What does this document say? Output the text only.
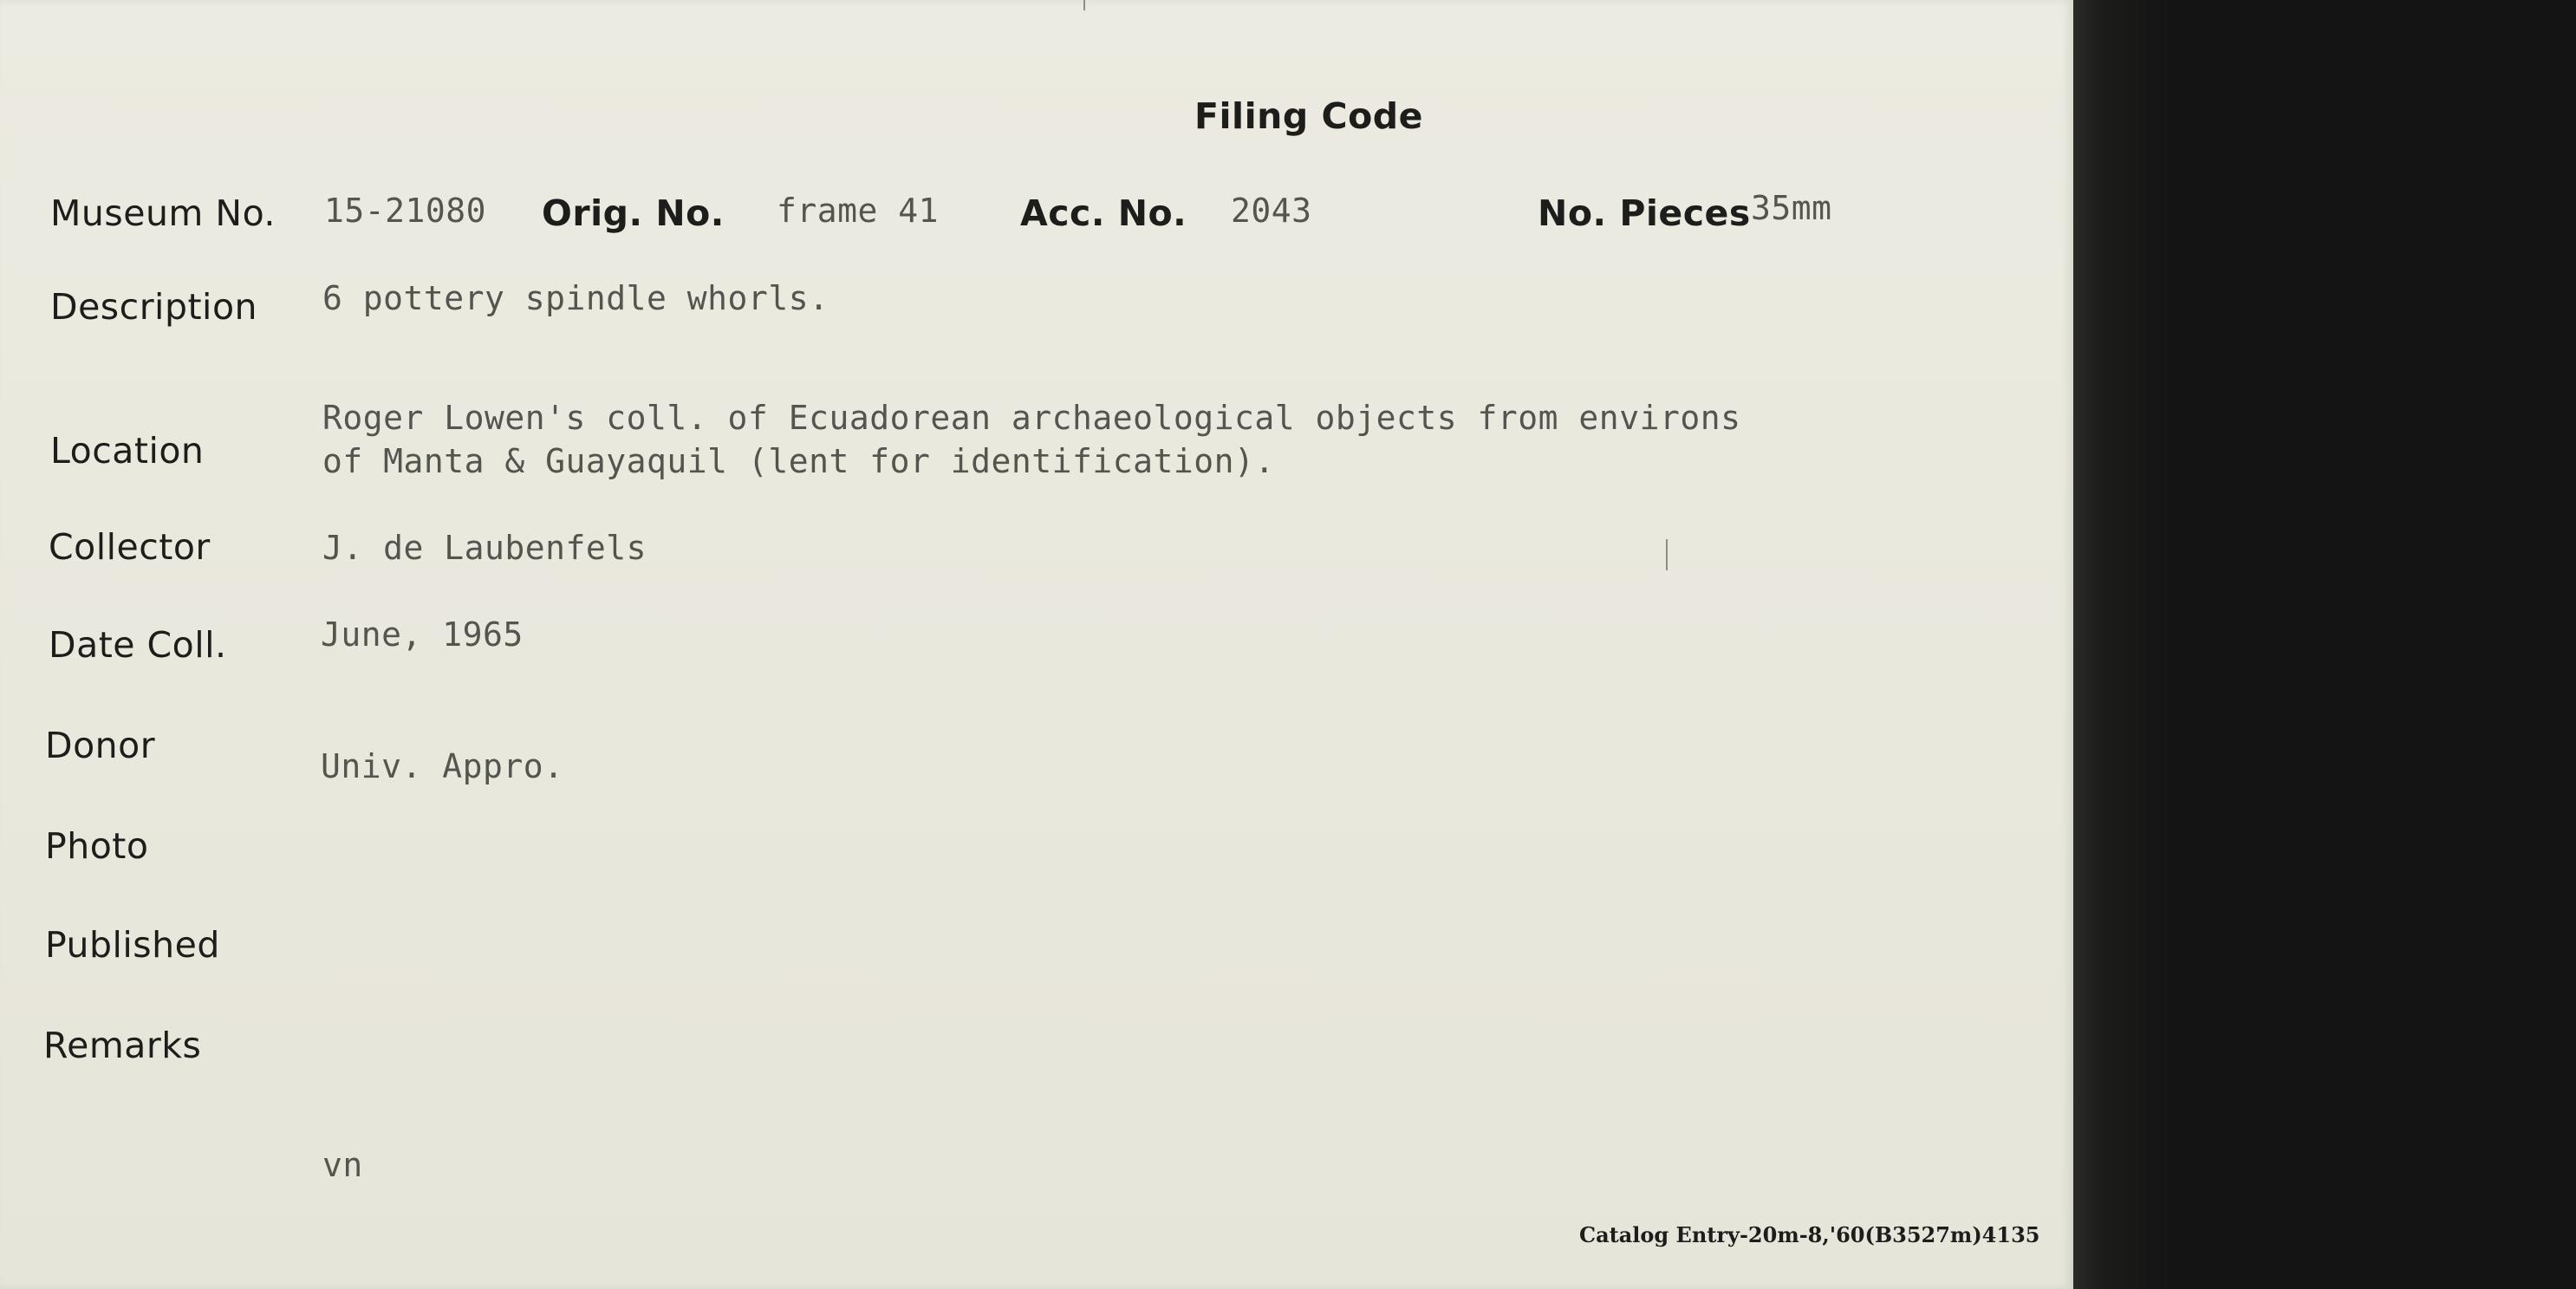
Filing Code
Museum No. 15-21080 Orig. No. frame 41 Acc. No. 2043	No. Pieces 35mm
Description 6 pottery spindle whorls.
Location
Roger Lowen's coll. of Ecuadorean archaeological objects from environs
of Manta & Guayaquil (lent for identification).
Collector	J. de Laubenfels
Date Coll.	June, 1965
Donor	Univ. Appro.
Photo
Published
Remarks
vn
Catalog Entry-20m-8,'60(B3527m)4135
